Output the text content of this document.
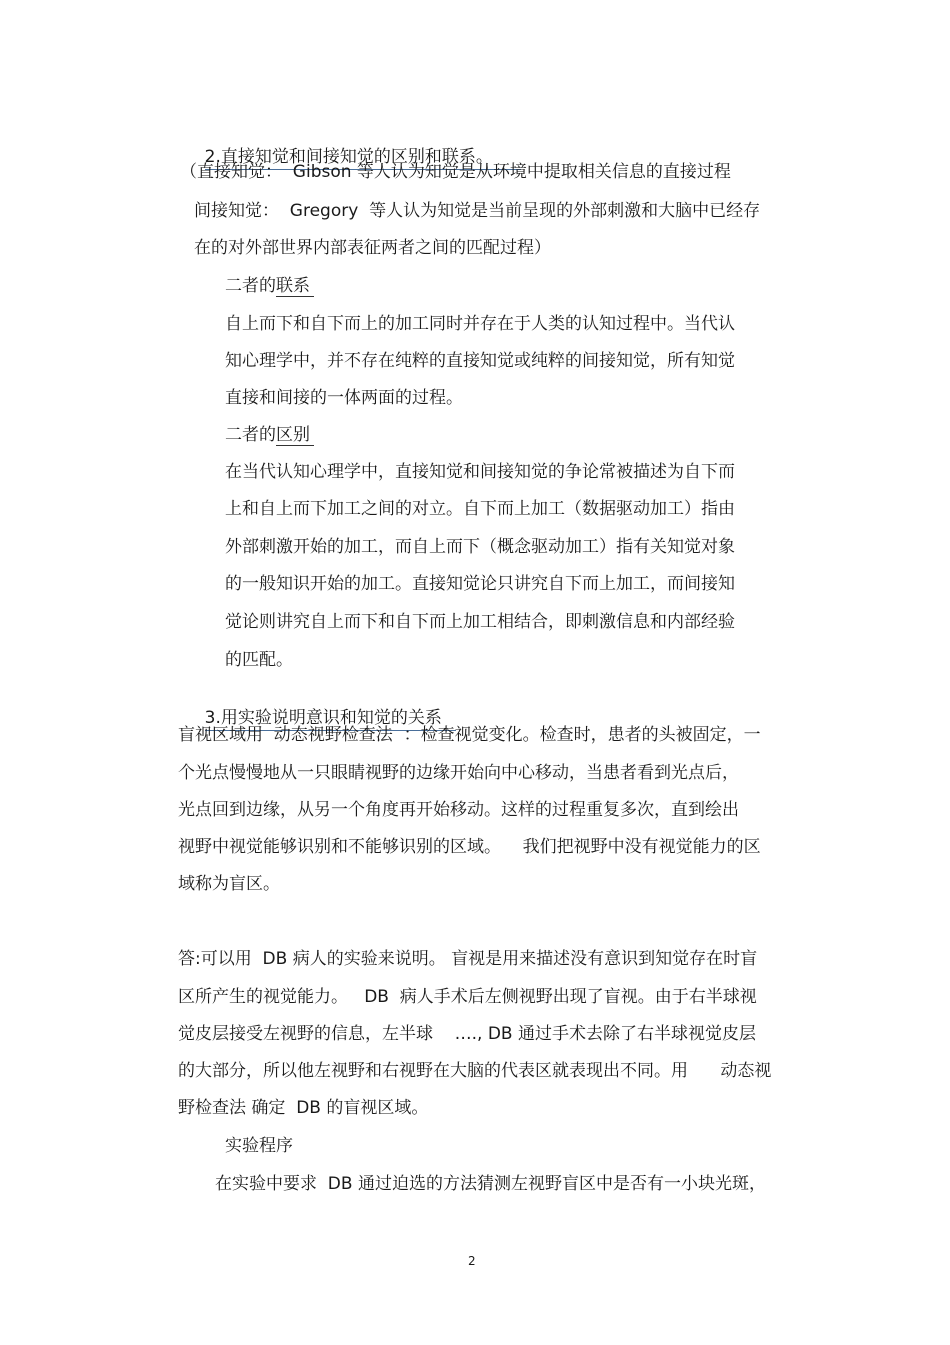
2.直接知觉和间接知觉的区别和联系。

（直接知觉：  Gibson 等人认为知觉是从环境中提取相关信息的直接过程
间接知觉：  Gregory  等人认为知觉是当前呈现的外部刺激和大脑中已经存
在的对外部世界内部表征两者之间的匹配过程）
二者的联系
自上而下和自下而上的加工同时并存在于人类的认知过程中。当代认
知心理学中，并不存在纯粹的直接知觉或纯粹的间接知觉，所有知觉
直接和间接的一体两面的过程。
二者的区别
在当代认知心理学中，直接知觉和间接知觉的争论常被描述为自下而
上和自上而下加工之间的对立。自下而上加工（数据驱动加工）指由
外部刺激开始的加工，而自上而下（概念驱动加工）指有关知觉对象
的一般知识开始的加工。直接知觉论只讲究自下而上加工，而间接知
觉论则讲究自上而下和自下而上加工相结合，即刺激信息和内部经验
的匹配。

3.用实验说明意识和知觉的关系

盲视区域用  动态视野检查法  ：检查视觉变化。检查时，患者的头被固定，一
个光点慢慢地从一只眼睛视野的边缘开始向中心移动，当患者看到光点后，
光点回到边缘，从另一个角度再开始移动。这样的过程重复多次，直到绘出
视野中视觉能够识别和不能够识别的区域。    我们把视野中没有视觉能力的区
域称为盲区。
答:可以用  DB 病人的实验来说明。 盲视是用来描述没有意识到知觉存在时盲
区所产生的视觉能力。   DB  病人手术后左侧视野出现了盲视。由于右半球视
觉皮层接受左视野的信息，左半球    …., DB 通过手术去除了右半球视觉皮层
的大部分，所以他左视野和右视野在大脑的代表区就表现出不同。用      动态视
野检查法 确定  DB 的盲视区域。
实验程序
在实验中要求  DB 通过迫选的方法猜测左视野盲区中是否有一小块光斑，
2
